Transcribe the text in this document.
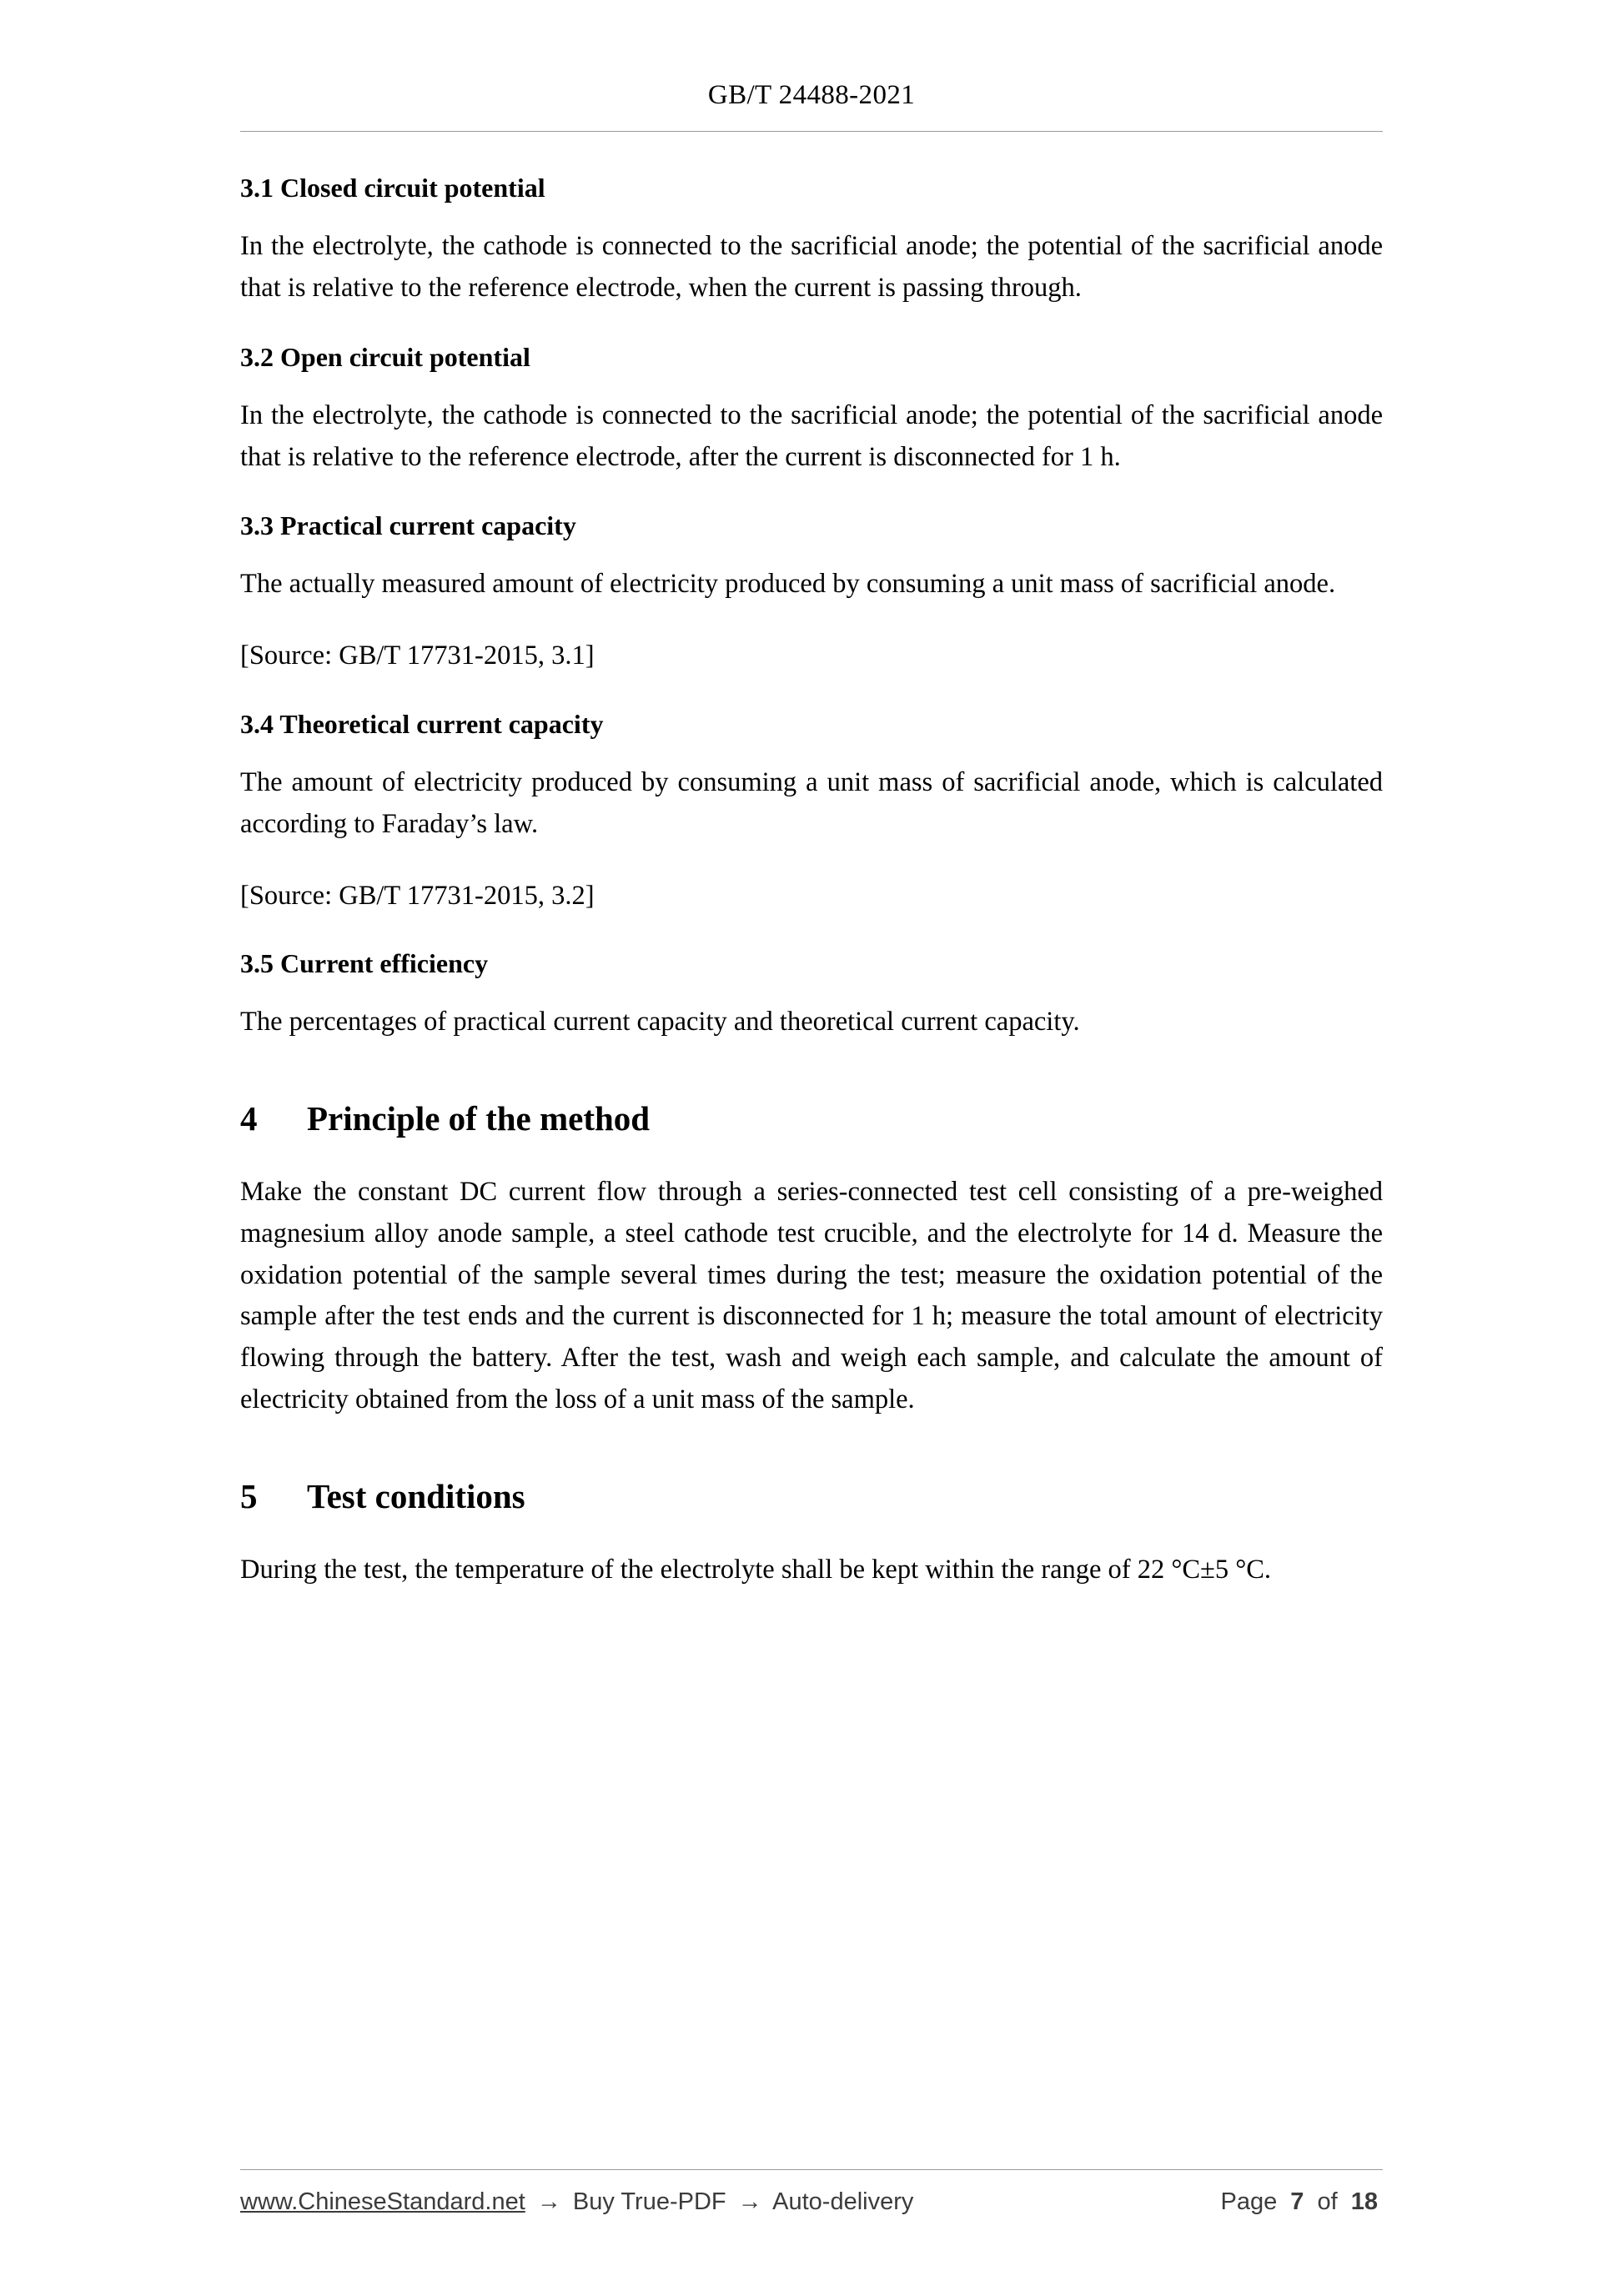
GB/T 24488-2021
3.1 Closed circuit potential

In the electrolyte, the cathode is connected to the sacrificial anode; the potential of the sacrificial anode that is relative to the reference electrode, when the current is passing through.

3.2 Open circuit potential

In the electrolyte, the cathode is connected to the sacrificial anode; the potential of the sacrificial anode that is relative to the reference electrode, after the current is disconnected for 1 h.

3.3 Practical current capacity

The actually measured amount of electricity produced by consuming a unit mass of sacrificial anode.

[Source: GB/T 17731-2015, 3.1]

3.4 Theoretical current capacity

The amount of electricity produced by consuming a unit mass of sacrificial anode, which is calculated according to Faraday’s law.

[Source: GB/T 17731-2015, 3.2]

3.5 Current efficiency

The percentages of practical current capacity and theoretical current capacity.

4	Principle of the method

Make the constant DC current flow through a series-connected test cell consisting of a pre-weighed magnesium alloy anode sample, a steel cathode test crucible, and the electrolyte for 14 d. Measure the oxidation potential of the sample several times during the test; measure the oxidation potential of the sample after the test ends and the current is disconnected for 1 h; measure the total amount of electricity flowing through the battery. After the test, wash and weigh each sample, and calculate the amount of electricity obtained from the loss of a unit mass of the sample.

5	Test conditions

During the test, the temperature of the electrolyte shall be kept within the range of 22 °C±5 °C.

www.ChineseStandard.net → Buy True-PDF → Auto-delivery	Page 7 of 18
